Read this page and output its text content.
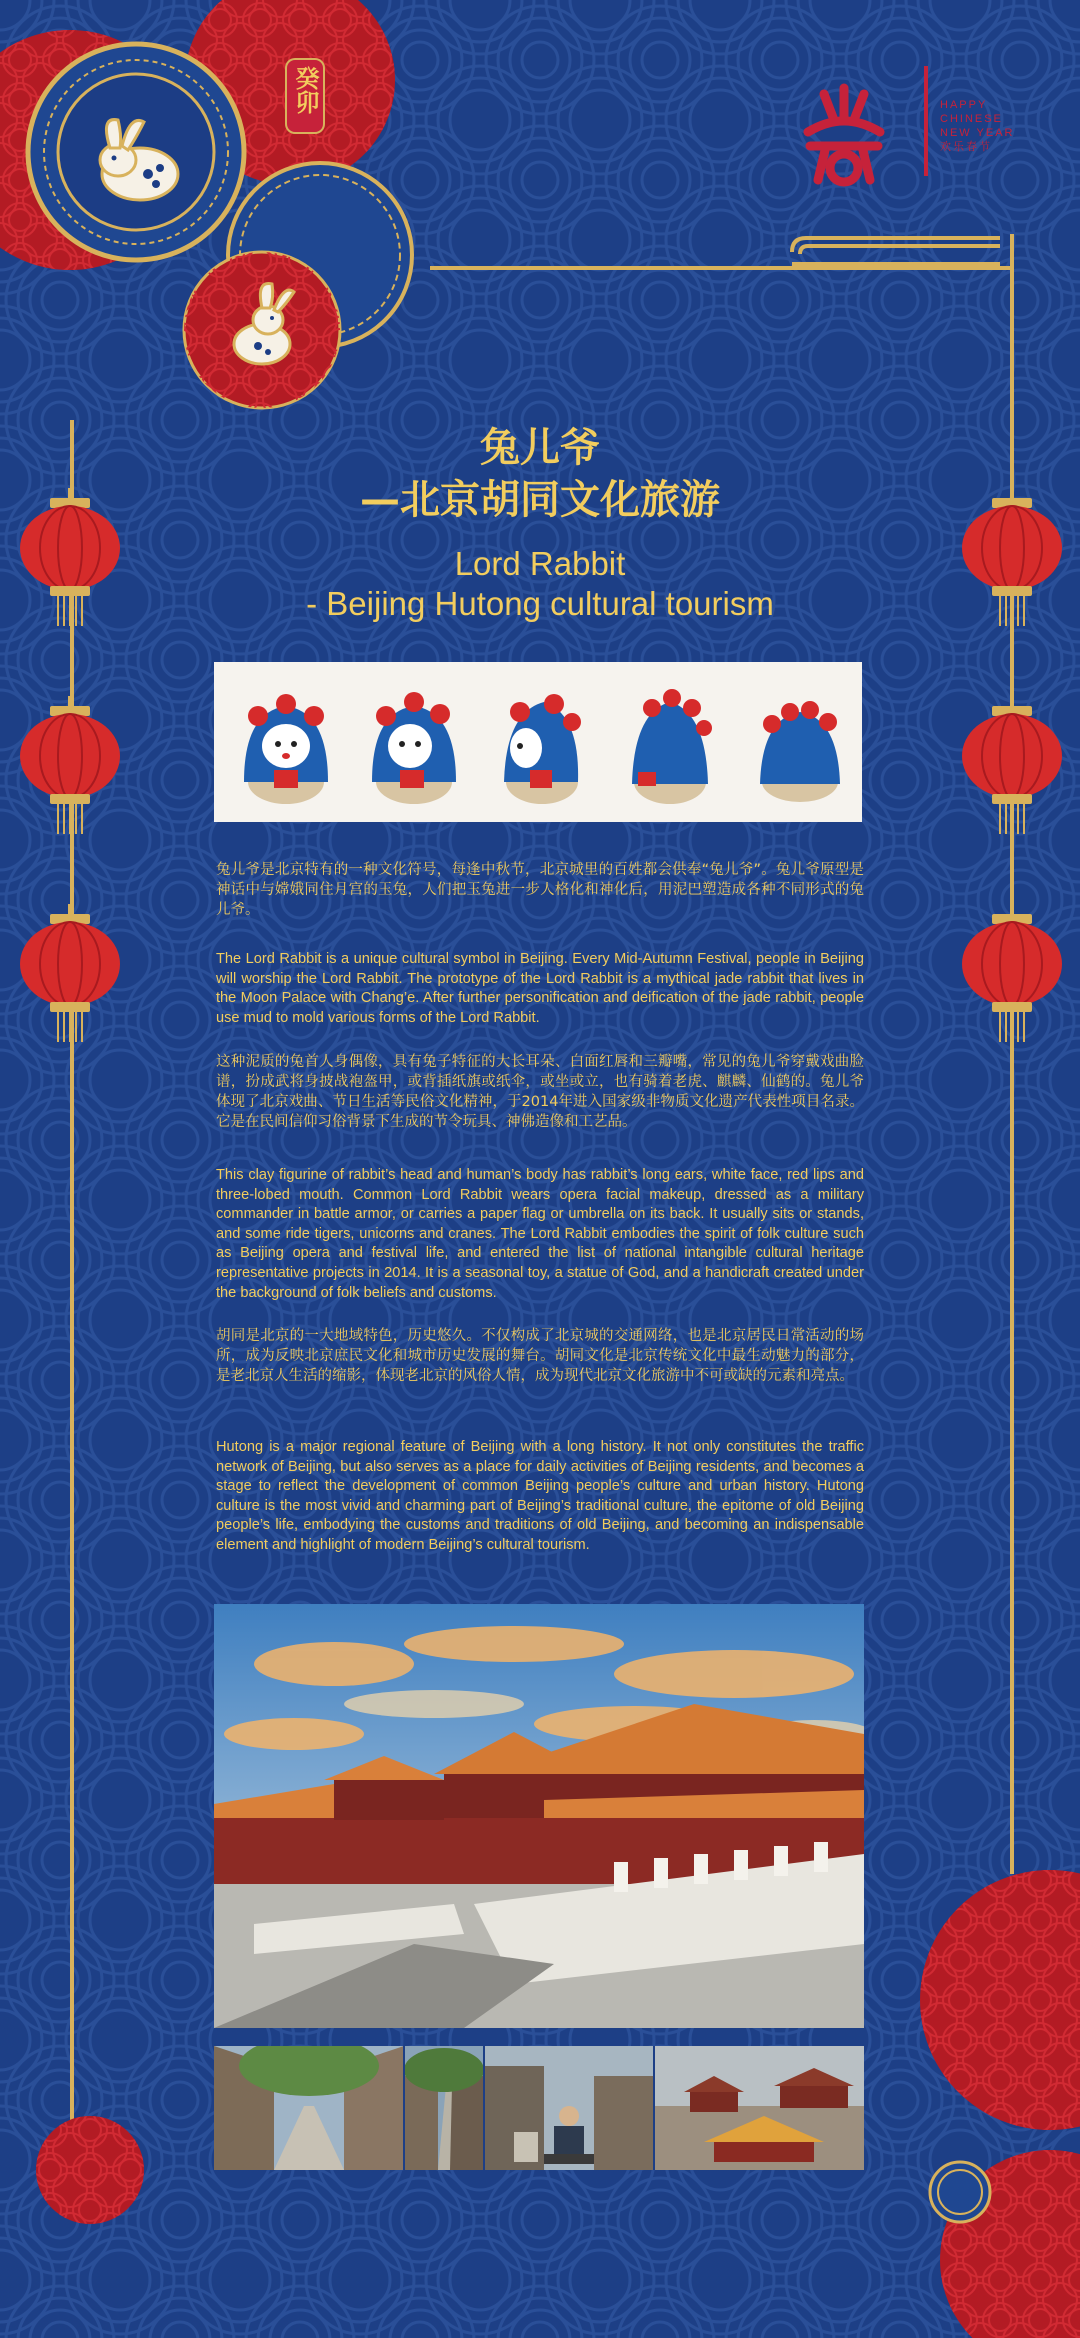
癸卯	HAPPY
CHINESE
NEW YEAR
欢乐春节
兔儿爷
—北京胡同文化旅游
Lord Rabbit
- Beijing Hutong cultural tourism

兔儿爷是北京特有的一种文化符号，每逢中秋节，北京城里的百姓都会供奉“兔儿爷”。兔儿爷原型是神话中与嫦娥同住月宫的玉兔，人们把玉兔进一步人格化和神化后，用泥巴塑造成各种不同形式的兔儿爷。

The Lord Rabbit is a unique cultural symbol in Beijing. Every Mid-Autumn Festival, people in Beijing will worship the Lord Rabbit. The prototype of the Lord Rabbit is a mythical jade rabbit that lives in the Moon Palace with Chang’e. After further personification and deification of the jade rabbit, people use mud to mold various forms of the Lord Rabbit.

这种泥质的兔首人身偶像，具有兔子特征的大长耳朵、白面红唇和三瓣嘴，常见的兔儿爷穿戴戏曲脸谱，扮成武将身披战袍盔甲，或背插纸旗或纸伞，或坐或立，也有骑着老虎、麒麟、仙鹤的。兔儿爷体现了北京戏曲、节日生活等民俗文化精神，于2014年进入国家级非物质文化遗产代表性项目名录。它是在民间信仰习俗背景下生成的节令玩具、神佛造像和工艺品。

This clay figurine of rabbit’s head and human’s body has rabbit’s long ears, white face, red lips and three-lobed mouth. Common Lord Rabbit wears opera facial makeup, dressed as a military commander in battle armor, or carries a paper flag or umbrella on its back. It usually sits or stands, and some ride tigers, unicorns and cranes. The Lord Rabbit embodies the spirit of folk culture such as Beijing opera and festival life, and entered the list of national intangible cultural heritage representative projects in 2014. It is a seasonal toy, a statue of God, and a handicraft created under the background of folk beliefs and customs.

胡同是北京的一大地域特色，历史悠久。不仅构成了北京城的交通网络，也是北京居民日常活动的场所，成为反映北京庶民文化和城市历史发展的舞台。胡同文化是北京传统文化中最生动魅力的部分，是老北京人生活的缩影，体现老北京的风俗人情，成为现代北京文化旅游中不可或缺的元素和亮点。

Hutong is a major regional feature of Beijing with a long history. It not only constitutes the traffic network of Beijing, but also serves as a place for daily activities of Beijing residents, and becomes a stage to reflect the development of common Beijing people’s culture and urban history. Hutong culture is the most vivid and charming part of Beijing’s traditional culture, the epitome of old Beijing people’s life, embodying the customs and traditions of old Beijing, and becoming an indispensable element and highlight of modern Beijing’s cultural tourism.
